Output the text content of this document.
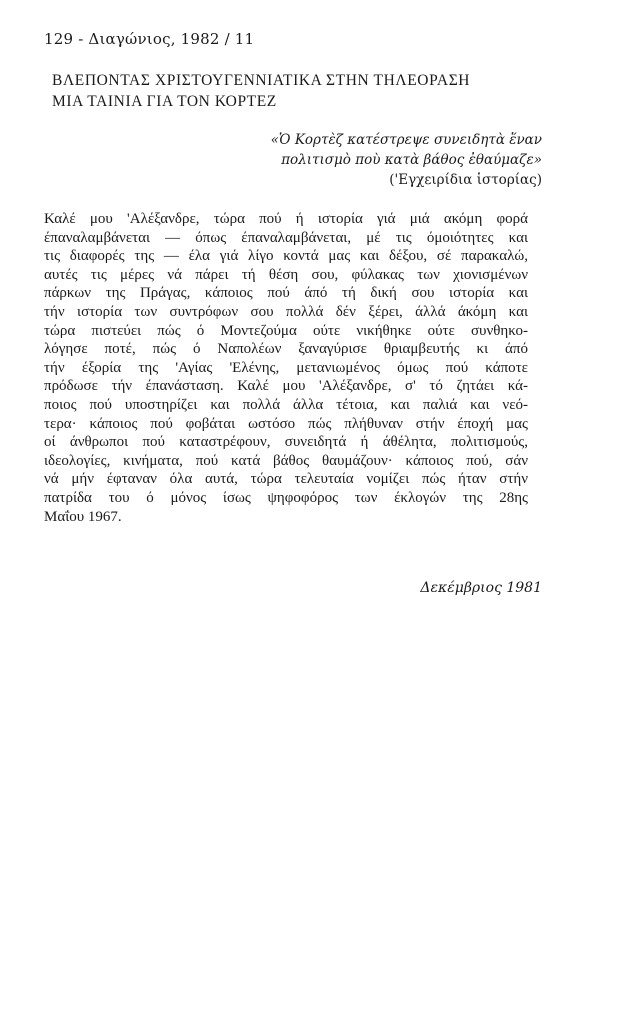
129 - Διαγώνιος, 1982 / 11
ΒΛΕΠΟΝΤΑΣ ΧΡΙΣΤΟΥΓΕΝΝΙΑΤΙΚΑ ΣΤΗΝ ΤΗΛΕΟΡΑΣΗ
ΜΙΑ ΤΑΙΝΙΑ ΓΙΑ ΤΟΝ ΚΟΡΤΕΖ
«Ὁ Κορτὲζ κατέστρεψε συνειδητὰ ἕναν
πολιτισμὸ ποὺ κατὰ βάθος ἐθαύμαζε»
('Εγχειρίδια ἱστορίας)
Καλέ μου 'Αλέξανδρε, τώρα πού ή ιστορία γιά μιά ακόμη φορά
έπαναλαμβάνεται — όπως έπαναλαμβάνεται, μέ τις όμοιότητες και
τις διαφορές της — έλα γιά λίγο κοντά μας και δέξου, σέ παρακαλώ,
αυτές τις μέρες νά πάρει τή θέση σου, φύλακας των χιονισμένων
πάρκων της Πράγας, κάποιος πού άπό τή δική σου ιστορία και
τήν ιστορία των συντρόφων σου πολλά δέν ξέρει, άλλά άκόμη και
τώρα πιστεύει πώς ό Μοντεζούμα ούτε νικήθηκε ούτε συνθηκο-
λόγησε ποτέ, πώς ό Ναπολέων ξαναγύρισε θριαμβευτής κι άπό
τήν έξορία της 'Αγίας 'Ελένης, μετανιωμένος όμως πού κάποτε
πρόδωσε τήν έπανάσταση. Καλέ μου 'Αλέξανδρε, σ' τό ζητάει κά-
ποιος πού υποστηρίζει και πολλά άλλα τέτοια, και παλιά και νεό-
τερα· κάποιος πού φοβάται ωστόσο πώς πλήθυναν στήν έποχή μας
οί άνθρωποι πού καταστρέφουν, συνειδητά ή άθέλητα, πολιτισμούς,
ιδεολογίες, κινήματα, πού κατά βάθος θαυμάζουν· κάποιος πού, σάν
νά μήν έφταναν όλα αυτά, τώρα τελευταία νομίζει πώς ήταν στήν
πατρίδα του ό μόνος ίσως ψηφοφόρος των έκλογών της 28ης
Μαΐου 1967.
Δεκέμβριος 1981
